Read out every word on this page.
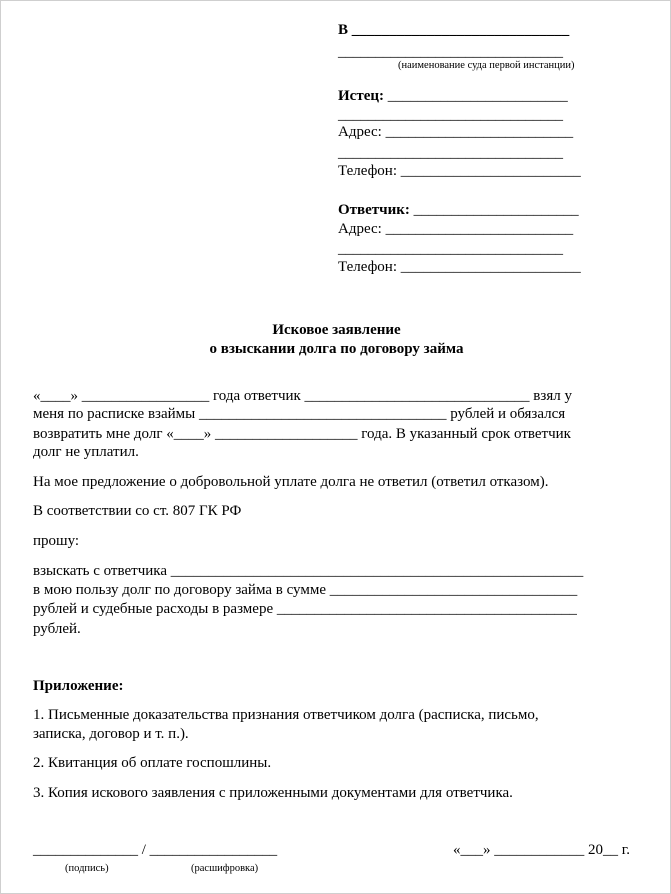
В _____________________________
______________________________
(наименование суда первой инстанции)
Истец: ________________________
______________________________
Адрес: _________________________
______________________________
Телефон: ________________________
Ответчик: ______________________
Адрес: _________________________
______________________________
Телефон: ________________________
Исковое заявление
о взыскании долга по договору займа
«____» _________________ года ответчик ______________________________ взял у
меня по расписке взаймы _________________________________ рублей и обязался
возвратить мне долг «____» ___________________ года. В указанный срок ответчик
долг не уплатил.
На мое предложение о добровольной уплате долга не ответил (ответил отказом).
В соответствии со ст. 807 ГК РФ
прошу:
взыскать с ответчика _______________________________________________________
в мою пользу долг по договору займа в сумме _________________________________
рублей и судебные расходы в размере ________________________________________
рублей.
Приложение:
1. Письменные доказательства признания ответчиком долга (расписка, письмо,
записка, договор и т. п.).
2. Квитанция об оплате госпошлины.
3. Копия искового заявления с приложенными документами для ответчика.
______________ / _________________
(подпись)	(расшифровка)
«___» ____________ 20__ г.
